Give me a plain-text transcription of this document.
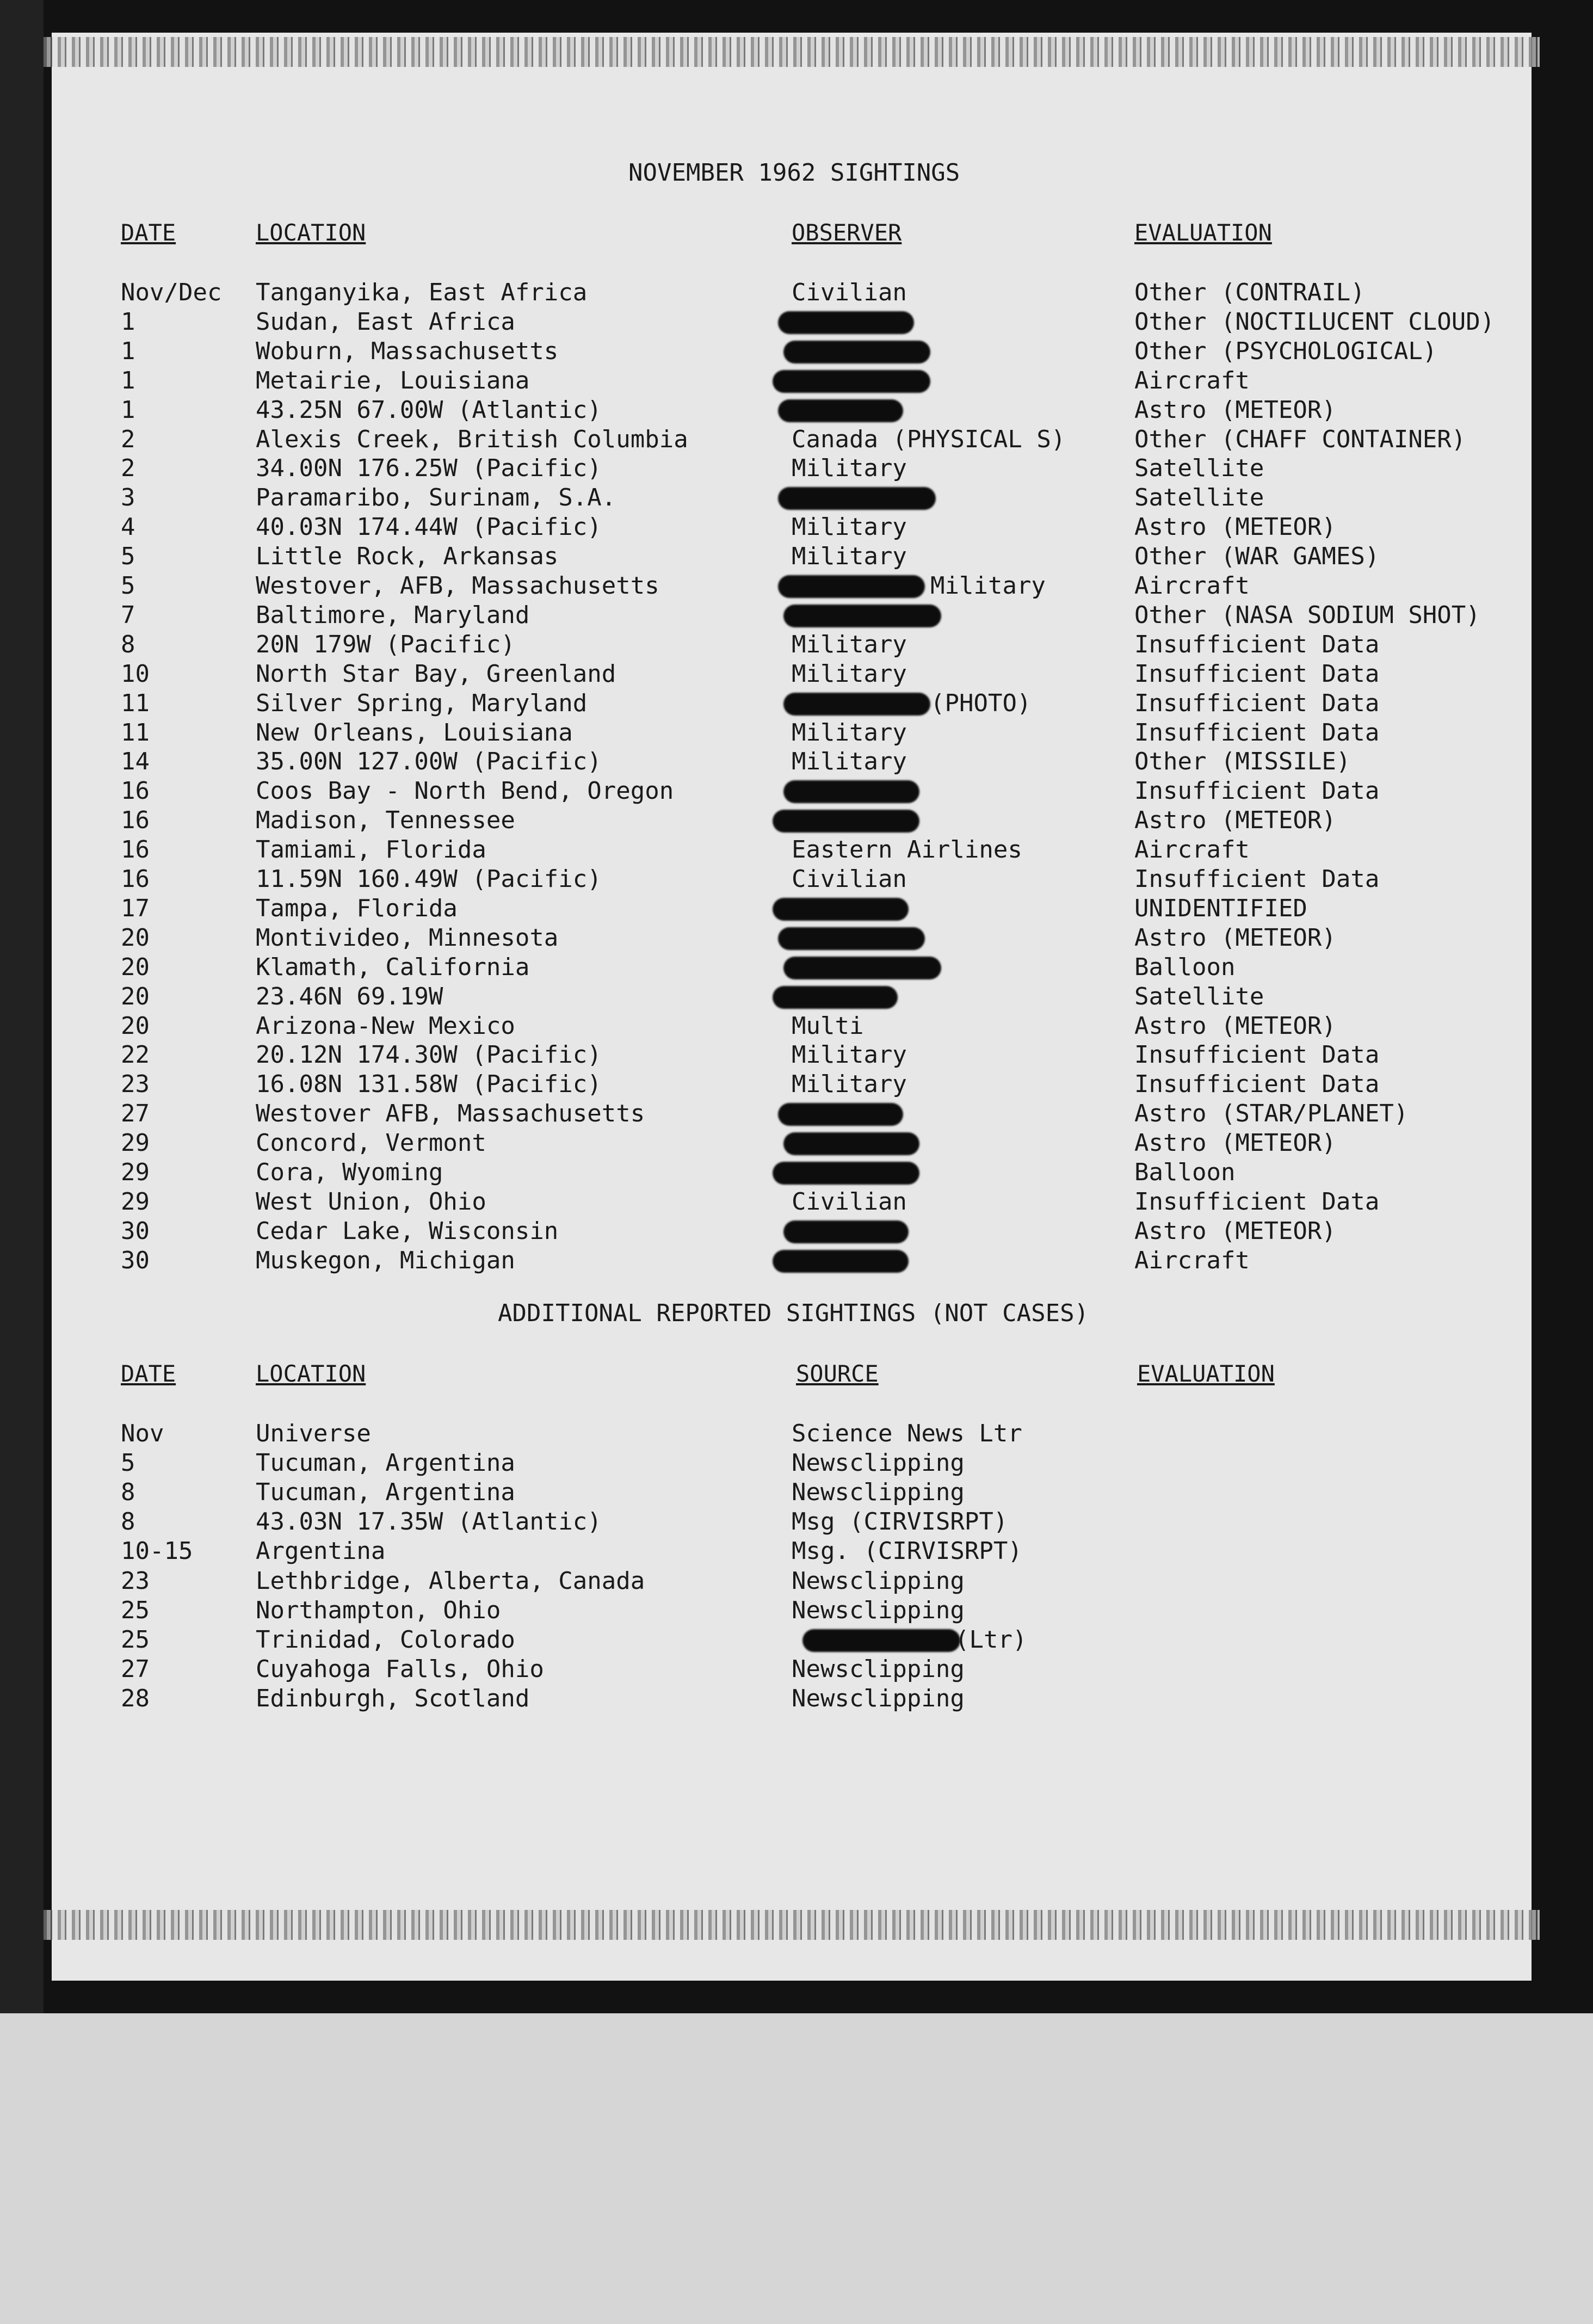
NOVEMBER 1962 SIGHTINGS
DATE	LOCATION	OBSERVER	EVALUATION
Nov/Dec Tanganyika, East Africa	Civilian	Other (CONTRAIL)
1	Sudan, East Africa	Other (NOCTILUCENT CLOUD)
1	Woburn, Massachusetts	Other (PSYCHOLOGICAL)
1	Metairie, Louisiana	Aircraft
1	43.25N 67.00W (Atlantic)	Astro (METEOR)
2	Alexis Creek, British Columbia	Canada (PHYSICAL S)	Other (CHAFF CONTAINER)
2	34.00N 176.25W (Pacific)	Military	Satellite
3	Paramaribo, Surinam, S.A.	Satellite
4	40.03N 174.44W (Pacific)	Military	Astro (METEOR)
5	Little Rock, Arkansas	Military	Other (WAR GAMES)
5	Westover, AFB, Massachusetts	Military	Aircraft
7	Baltimore, Maryland	Other (NASA SODIUM SHOT)
8	20N 179W (Pacific)	Military	Insufficient Data
10	North Star Bay, Greenland	Military	Insufficient Data
11	Silver Spring, Maryland	(PHOTO)	Insufficient Data
11	New Orleans, Louisiana	Military	Insufficient Data
14	35.00N 127.00W (Pacific)	Military	Other (MISSILE)
16	Coos Bay - North Bend, Oregon	Insufficient Data
16	Madison, Tennessee	Astro (METEOR)
16	Tamiami, Florida	Eastern Airlines	Aircraft
16	11.59N 160.49W (Pacific)	Civilian	Insufficient Data
17	Tampa, Florida	UNIDENTIFIED
20	Montivideo, Minnesota	Astro (METEOR)
20	Klamath, California	Balloon
20	23.46N 69.19W	Satellite
20	Arizona-New Mexico	Multi	Astro (METEOR)
22	20.12N 174.30W (Pacific)	Military	Insufficient Data
23	16.08N 131.58W (Pacific)	Military	Insufficient Data
27	Westover AFB, Massachusetts	Astro (STAR/PLANET)
29	Concord, Vermont	Astro (METEOR)
29	Cora, Wyoming	Balloon
29	West Union, Ohio	Civilian	Insufficient Data
30	Cedar Lake, Wisconsin	Astro (METEOR)
30	Muskegon, Michigan	Aircraft
ADDITIONAL REPORTED SIGHTINGS (NOT CASES)
DATE	LOCATION	SOURCE	EVALUATION
Nov	Universe	Science News Ltr
5	Tucuman, Argentina	Newsclipping
8	Tucuman, Argentina	Newsclipping
8	43.03N 17.35W (Atlantic)	Msg (CIRVISRPT)
10-15	Argentina	Msg. (CIRVISRPT)
23	Lethbridge, Alberta, Canada	Newsclipping
25	Northampton, Ohio	Newsclipping
25	Trinidad, Colorado	(Ltr)
27	Cuyahoga Falls, Ohio	Newsclipping
28	Edinburgh, Scotland	Newsclipping
